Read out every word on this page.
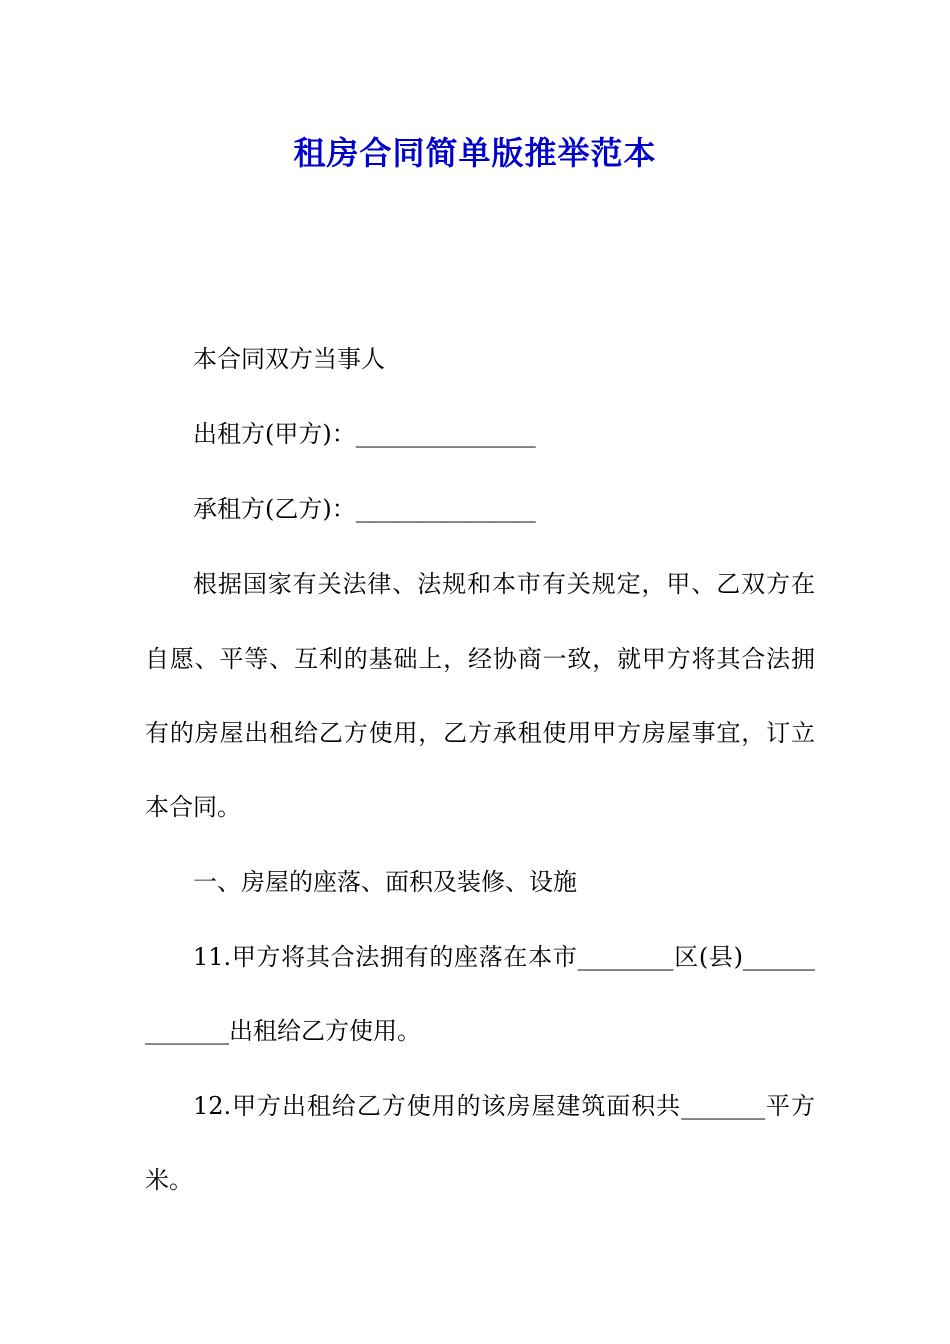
租房合同简单版推举范本

本合同双方当事人

出租方(甲方)：_______________

承租方(乙方)：_______________

根据国家有关法律、法规和本市有关规定，甲、乙双方在

自愿、平等、互利的基础上，经协商一致，就甲方将其合法拥

有的房屋出租给乙方使用，乙方承租使用甲方房屋事宜，订立

本合同。

一、房屋的座落、面积及装修、设施

11.甲方将其合法拥有的座落在本市________区(县)______

_______出租给乙方使用。

12.甲方出租给乙方使用的该房屋建筑面积共_______平方

米。
